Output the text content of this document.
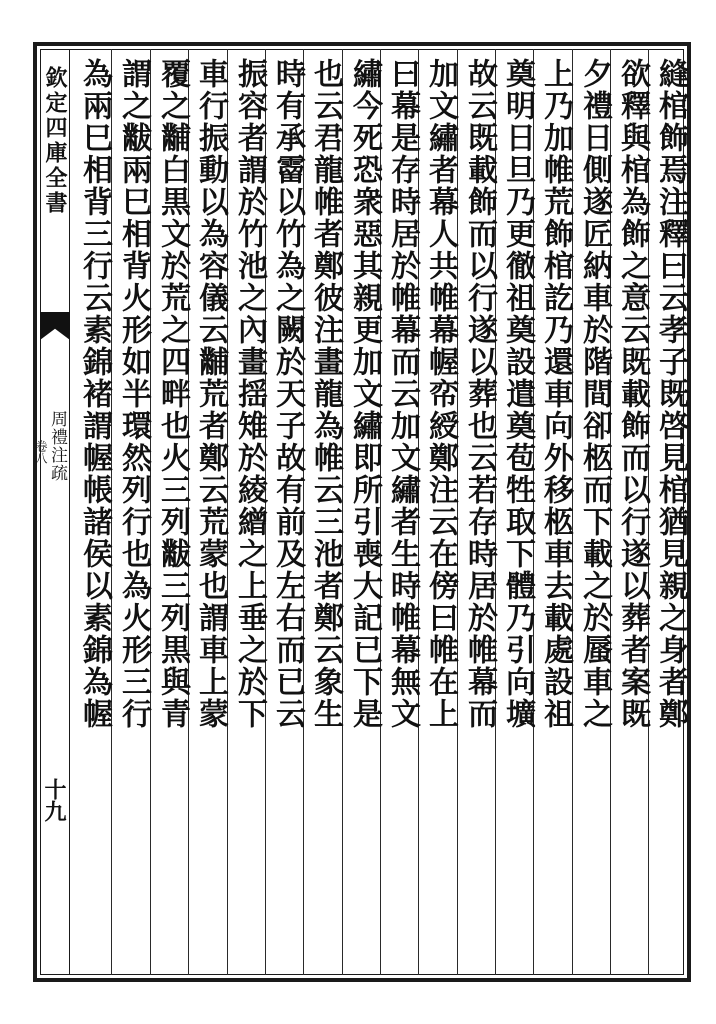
欽定四庫全書
周禮注疏
卷八
十九
縫棺飾焉注釋曰云孝子既啓見棺猶見親之身者鄭
欲釋與棺為飾之意云既載飾而以行遂以葬者案既
夕禮日側遂匠納車於階間卻柩而下載之於蜃車之
上乃加帷荒飾棺訖乃還車向外移柩車去載處設祖
奠明日旦乃更徹祖奠設遣奠苞牲取下體乃引向壙
故云既載飾而以行遂以葬也云若存時居於帷幕而
加文繡者幕人共帷幕幄帟綬鄭注云在傍曰帷在上
曰幕是存時居於帷幕而云加文繡者生時帷幕無文
繡今死恐衆惡其親更加文繡即所引喪大記已下是
也云君龍帷者鄭彼注畫龍為帷云三池者鄭云象生
時有承霤以竹為之闕於天子故有前及左右而已云
振容者謂於竹池之內畫揺雉於綾繒之上垂之於下
車行振動以為容儀云黼荒者鄭云荒蒙也謂車上蒙
覆之黼白黒文於荒之四畔也火三列黻三列黒與青
謂之黻兩巳相背火形如半環然列行也為火形三行
為兩巳相背三行云素錦褚謂幄帳諸侯以素錦為幄
